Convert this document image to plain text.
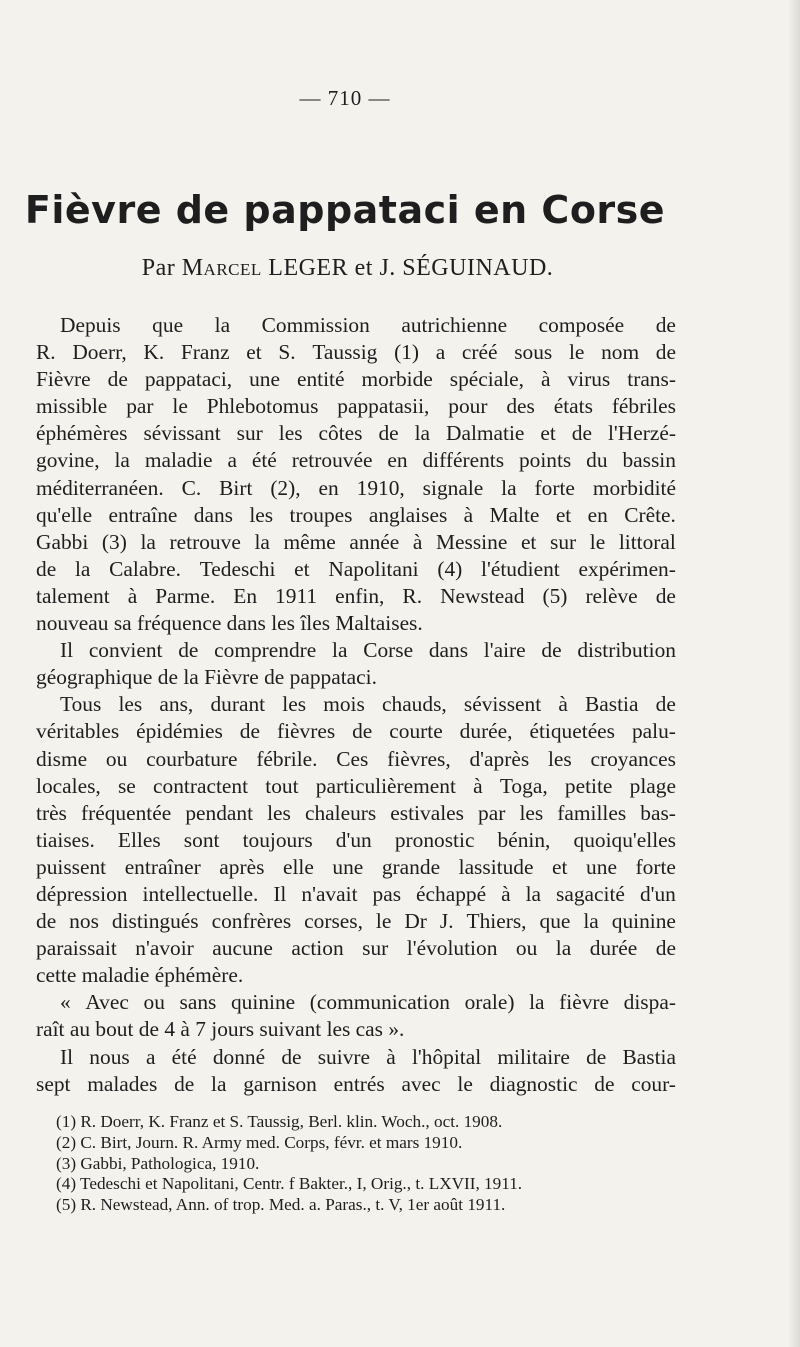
— 710 —
Fièvre de pappataci en Corse
Par Marcel LEGER et J. SÉGUINAUD.
Depuis que la Commission autrichienne composée de
R. Doerr, K. Franz et S. Taussig (1) a créé sous le nom de
Fièvre de pappataci, une entité morbide spéciale, à virus trans-
missible par le Phlebotomus pappatasii, pour des états fébriles
éphémères sévissant sur les côtes de la Dalmatie et de l'Herzé-
govine, la maladie a été retrouvée en différents points du bassin
méditerranéen. C. Birt (2), en 1910, signale la forte morbidité
qu'elle entraîne dans les troupes anglaises à Malte et en Crête.
Gabbi (3) la retrouve la même année à Messine et sur le littoral
de la Calabre. Tedeschi et Napolitani (4) l'étudient expérimen-
talement à Parme. En 1911 enfin, R. Newstead (5) relève de
nouveau sa fréquence dans les îles Maltaises.
Il convient de comprendre la Corse dans l'aire de distribution
géographique de la Fièvre de pappataci.
Tous les ans, durant les mois chauds, sévissent à Bastia de
véritables épidémies de fièvres de courte durée, étiquetées palu-
disme ou courbature fébrile. Ces fièvres, d'après les croyances
locales, se contractent tout particulièrement à Toga, petite plage
très fréquentée pendant les chaleurs estivales par les familles bas-
tiaises. Elles sont toujours d'un pronostic bénin, quoiqu'elles
puissent entraîner après elle une grande lassitude et une forte
dépression intellectuelle. Il n'avait pas échappé à la sagacité d'un
de nos distingués confrères corses, le Dr J. Thiers, que la quinine
paraissait n'avoir aucune action sur l'évolution ou la durée de
cette maladie éphémère.
« Avec ou sans quinine (communication orale) la fièvre dispa-
raît au bout de 4 à 7 jours suivant les cas ».
Il nous a été donné de suivre à l'hôpital militaire de Bastia
sept malades de la garnison entrés avec le diagnostic de cour-
(1) R. Doerr, K. Franz et S. Taussig, Berl. klin. Woch., oct. 1908.
(2) C. Birt, Journ. R. Army med. Corps, févr. et mars 1910.
(3) Gabbi, Pathologica, 1910.
(4) Tedeschi et Napolitani, Centr. f Bakter., I, Orig., t. LXVII, 1911.
(5) R. Newstead, Ann. of trop. Med. a. Paras., t. V, 1er août 1911.
